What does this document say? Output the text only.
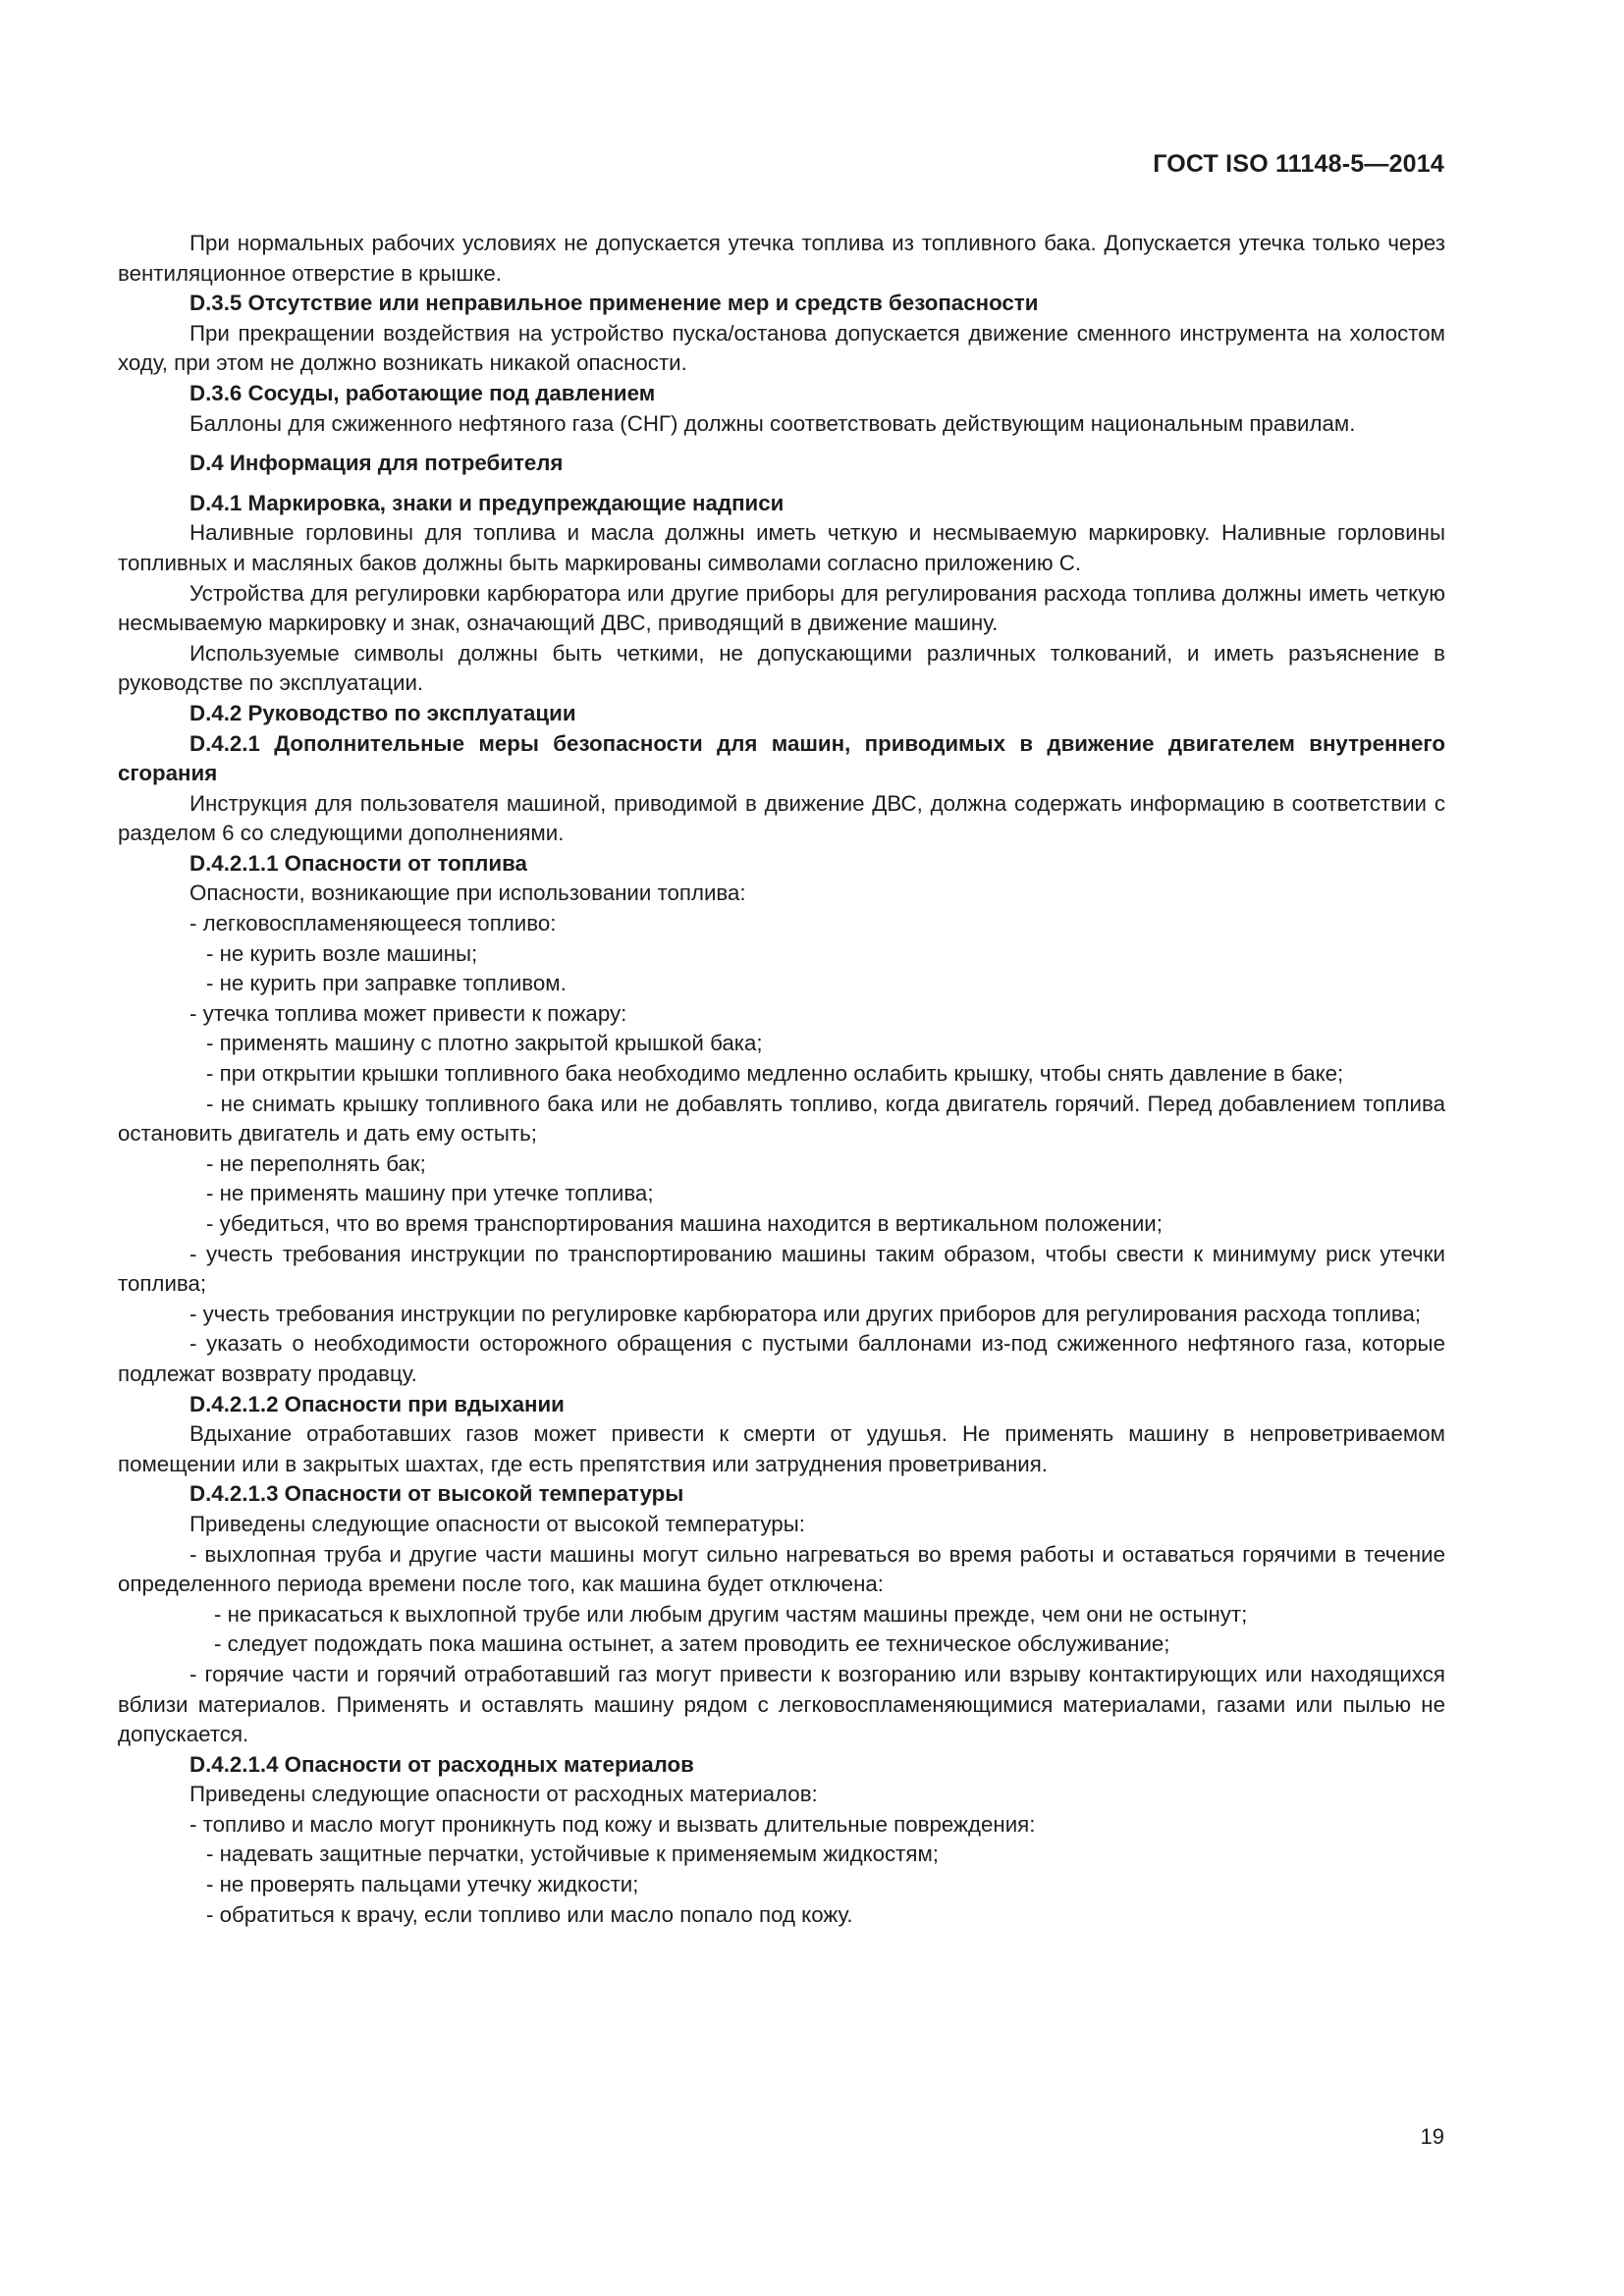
ГОСТ ISO 11148-5—2014

При нормальных рабочих условиях не допускается утечка топлива из топливного бака. Допускается утечка только через вентиляционное отверстие в крышке.

D.3.5 Отсутствие или неправильное применение мер и средств безопасности

При прекращении воздействия на устройство пуска/останова допускается движение сменного инструмента на холостом ходу, при этом не должно возникать никакой опасности.

D.3.6 Сосуды, работающие под давлением

Баллоны для сжиженного нефтяного газа (СНГ) должны соответствовать действующим национальным правилам.

D.4 Информация для потребителя

D.4.1 Маркировка, знаки и предупреждающие надписи

Наливные горловины для топлива и масла должны иметь четкую и несмываемую маркировку. Наливные горловины топливных и масляных баков должны быть маркированы символами согласно приложению С.

Устройства для регулировки карбюратора или другие приборы для регулирования расхода топлива должны иметь четкую несмываемую маркировку и знак, означающий ДВС, приводящий в движение машину.

Используемые символы должны быть четкими, не допускающими различных толкований, и иметь разъяснение в руководстве по эксплуатации.

D.4.2 Руководство по эксплуатации

D.4.2.1 Дополнительные меры безопасности для машин, приводимых в движение двигателем внутреннего сгорания

Инструкция для пользователя машиной, приводимой в движение ДВС, должна содержать информацию в соответствии с разделом 6 со следующими дополнениями.

D.4.2.1.1 Опасности от топлива

Опасности, возникающие при использовании топлива:

- легковоспламеняющееся топливо:

- не курить возле машины;

- не курить при заправке топливом.

- утечка топлива может привести к пожару:

- применять машину с плотно закрытой крышкой бака;

- при открытии крышки топливного бака необходимо медленно ослабить крышку, чтобы снять давление в баке;

- не снимать крышку топливного бака или не добавлять топливо, когда двигатель горячий. Перед добавлением топлива остановить двигатель и дать ему остыть;

- не переполнять бак;

- не применять машину при утечке топлива;

- убедиться, что во время транспортирования машина находится в вертикальном положении;

- учесть требования инструкции по транспортированию машины таким образом, чтобы свести к минимуму риск утечки топлива;

- учесть требования инструкции по регулировке карбюратора или других приборов для регулирования расхода топлива;

- указать о необходимости осторожного обращения с пустыми баллонами из-под сжиженного нефтяного газа, которые подлежат возврату продавцу.

D.4.2.1.2 Опасности при вдыхании

Вдыхание отработавших газов может привести к смерти от удушья. Не применять машину в непроветриваемом помещении или в закрытых шахтах, где есть препятствия или затруднения проветривания.

D.4.2.1.3 Опасности от высокой температуры

Приведены следующие опасности от высокой температуры:

- выхлопная труба и другие части машины могут сильно нагреваться во время работы и оставаться горячими в течение определенного периода времени после того, как машина будет отключена:

- не прикасаться к выхлопной трубе или любым другим частям машины прежде, чем они не остынут;

- следует подождать пока машина остынет, а затем проводить ее техническое обслуживание;

- горячие части и горячий отработавший газ могут привести к возгоранию или взрыву контактирующих или находящихся вблизи материалов. Применять и оставлять машину рядом с легковоспламеняющимися материалами, газами или пылью не допускается.

D.4.2.1.4 Опасности от расходных материалов

Приведены следующие опасности от расходных материалов:

- топливо и масло могут проникнуть под кожу и вызвать длительные повреждения:

- надевать защитные перчатки, устойчивые к применяемым жидкостям;

- не проверять пальцами утечку жидкости;

- обратиться к врачу, если топливо или масло попало под кожу.

19
